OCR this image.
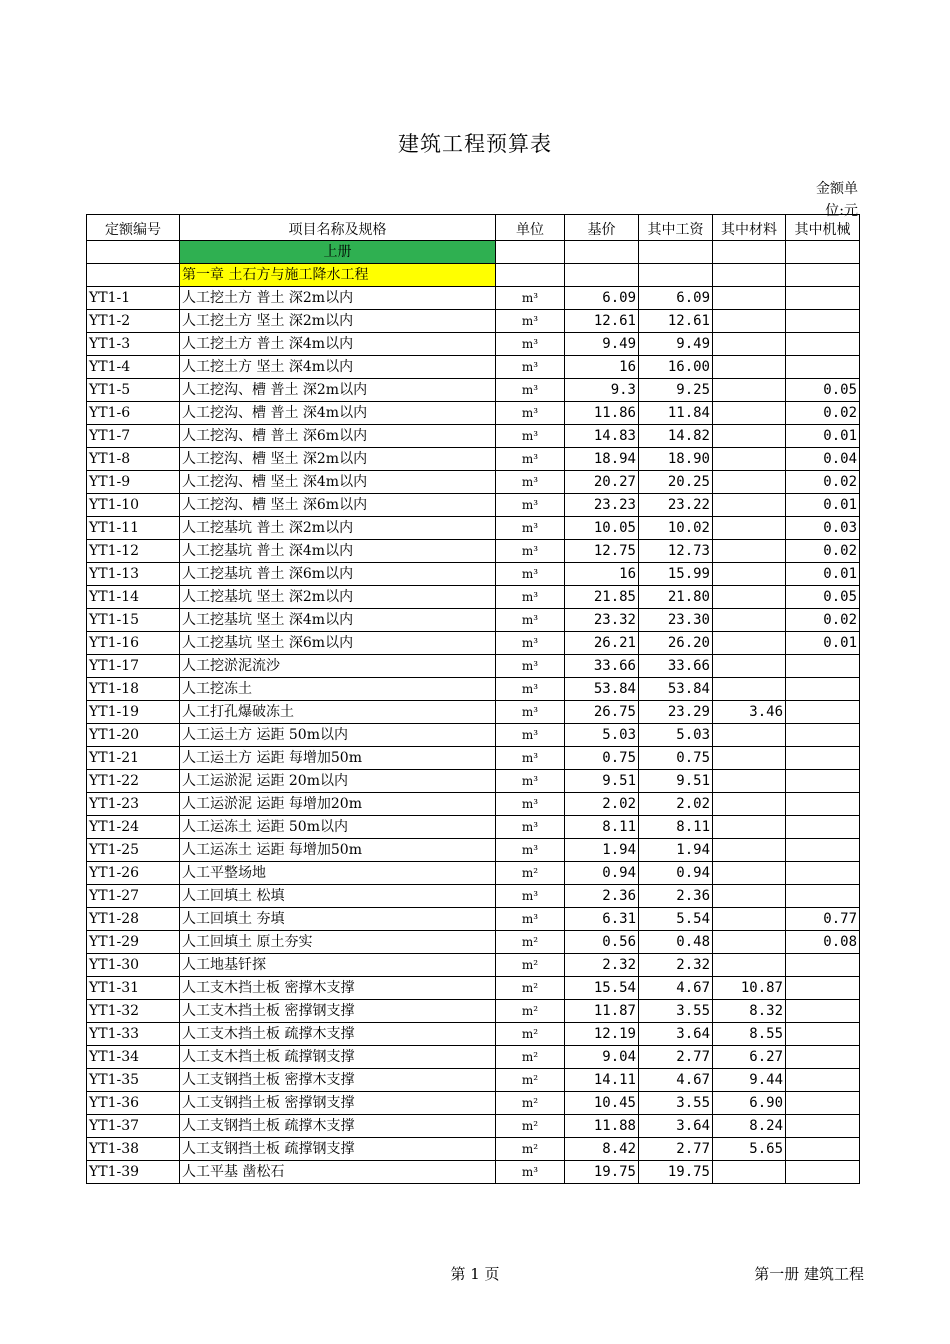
建筑工程预算表
金额单位:元
定额编号	项目名称及规格	单位	基价	其中工资	其中材料	其中机械
	上册					
	第一章 土石方与施工降水工程					
YT1-1	人工挖土方 普土 深2m以内	m³	6.09	6.09		
YT1-2	人工挖土方 坚土 深2m以内	m³	12.61	12.61		
YT1-3	人工挖土方 普土 深4m以内	m³	9.49	9.49		
YT1-4	人工挖土方 坚土 深4m以内	m³	16	16.00		
YT1-5	人工挖沟、槽 普土 深2m以内	m³	9.3	9.25		0.05
YT1-6	人工挖沟、槽 普土 深4m以内	m³	11.86	11.84		0.02
YT1-7	人工挖沟、槽 普土 深6m以内	m³	14.83	14.82		0.01
YT1-8	人工挖沟、槽 坚土 深2m以内	m³	18.94	18.90		0.04
YT1-9	人工挖沟、槽 坚土 深4m以内	m³	20.27	20.25		0.02
YT1-10	人工挖沟、槽 坚土 深6m以内	m³	23.23	23.22		0.01
YT1-11	人工挖基坑 普土 深2m以内	m³	10.05	10.02		0.03
YT1-12	人工挖基坑 普土 深4m以内	m³	12.75	12.73		0.02
YT1-13	人工挖基坑 普土 深6m以内	m³	16	15.99		0.01
YT1-14	人工挖基坑 坚土 深2m以内	m³	21.85	21.80		0.05
YT1-15	人工挖基坑 坚土 深4m以内	m³	23.32	23.30		0.02
YT1-16	人工挖基坑 坚土 深6m以内	m³	26.21	26.20		0.01
YT1-17	人工挖淤泥流沙	m³	33.66	33.66		
YT1-18	人工挖冻土	m³	53.84	53.84		
YT1-19	人工打孔爆破冻土	m³	26.75	23.29	3.46	
YT1-20	人工运土方 运距 50m以内	m³	5.03	5.03		
YT1-21	人工运土方 运距 每增加50m	m³	0.75	0.75		
YT1-22	人工运淤泥 运距 20m以内	m³	9.51	9.51		
YT1-23	人工运淤泥 运距 每增加20m	m³	2.02	2.02		
YT1-24	人工运冻土 运距 50m以内	m³	8.11	8.11		
YT1-25	人工运冻土 运距 每增加50m	m³	1.94	1.94		
YT1-26	人工平整场地	m²	0.94	0.94		
YT1-27	人工回填土 松填	m³	2.36	2.36		
YT1-28	人工回填土 夯填	m³	6.31	5.54		0.77
YT1-29	人工回填土 原土夯实	m²	0.56	0.48		0.08
YT1-30	人工地基钎探	m²	2.32	2.32		
YT1-31	人工支木挡土板 密撑木支撑	m²	15.54	4.67	10.87	
YT1-32	人工支木挡土板 密撑钢支撑	m²	11.87	3.55	8.32	
YT1-33	人工支木挡土板 疏撑木支撑	m²	12.19	3.64	8.55	
YT1-34	人工支木挡土板 疏撑钢支撑	m²	9.04	2.77	6.27	
YT1-35	人工支钢挡土板 密撑木支撑	m²	14.11	4.67	9.44	
YT1-36	人工支钢挡土板 密撑钢支撑	m²	10.45	3.55	6.90	
YT1-37	人工支钢挡土板 疏撑木支撑	m²	11.88	3.64	8.24	
YT1-38	人工支钢挡土板 疏撑钢支撑	m²	8.42	2.77	5.65	
YT1-39	人工平基 凿松石	m³	19.75	19.75		
第 1 页	第一册 建筑工程
